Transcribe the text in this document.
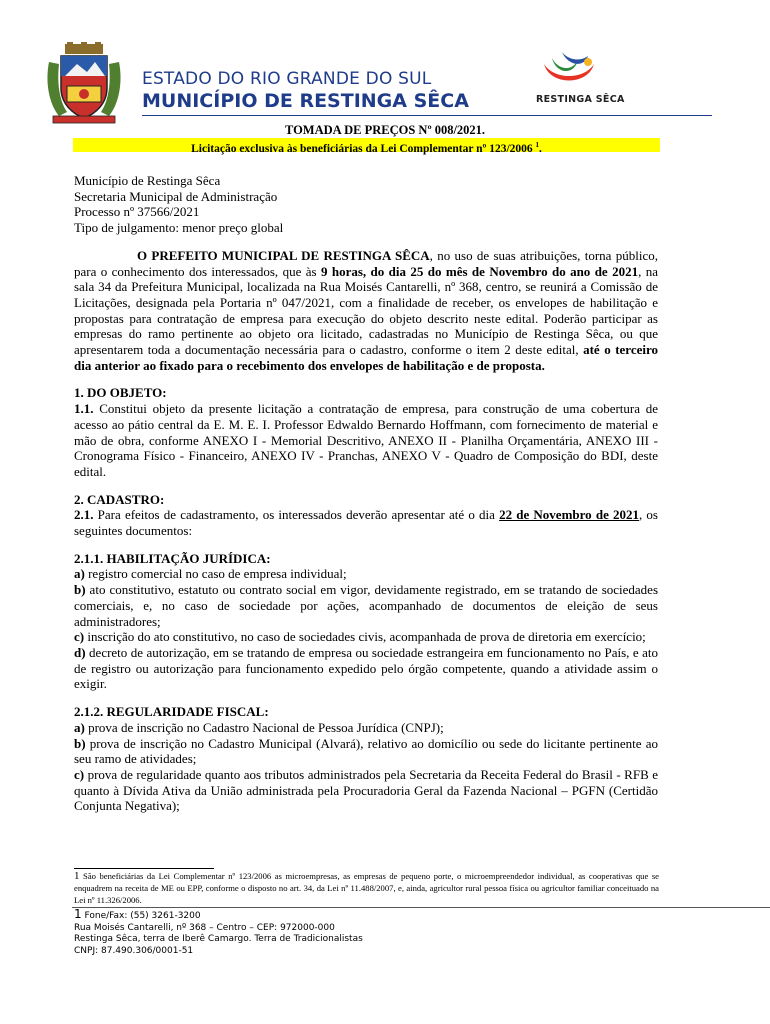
ESTADO DO RIO GRANDE DO SUL
MUNICÍPIO DE RESTINGA SÊCA	RESTINGA SÊCA
TOMADA DE PREÇOS Nº 008/2021.
Licitação exclusiva às beneficiárias da Lei Complementar nº 123/2006 $^1$.

Município de Restinga Sêca

Secretaria Municipal de Administração

Processo nº 37566/2021

Tipo de julgamento: menor preço global

O PREFEITO MUNICIPAL DE RESTINGA SÊCA, no uso de suas atribuições, torna público, para o conhecimento dos interessados, que às 9 horas, do dia 25 do mês de Novembro do ano de 2021, na sala 34 da Prefeitura Municipal, localizada na Rua Moisés Cantarelli, nº 368, centro, se reunirá a Comissão de Licitações, designada pela Portaria nº 047/2021, com a finalidade de receber, os envelopes de habilitação e propostas para contratação de empresa para execução do objeto descrito neste edital. Poderão participar as empresas do ramo pertinente ao objeto ora licitado, cadastradas no Município de Restinga Sêca, ou que apresentarem toda a documentação necessária para o cadastro, conforme o item 2 deste edital, até o terceiro dia anterior ao fixado para o recebimento dos envelopes de habilitação e de proposta.

1. DO OBJETO:

1.1. Constitui objeto da presente licitação a contratação de empresa, para construção de uma cobertura de acesso ao pátio central da E. M. E. I. Professor Edwaldo Bernardo Hoffmann, com fornecimento de material e mão de obra, conforme ANEXO I - Memorial Descritivo, ANEXO II - Planilha Orçamentária, ANEXO III - Cronograma Físico - Financeiro, ANEXO IV - Pranchas, ANEXO V - Quadro de Composição do BDI, deste edital.

2. CADASTRO:

2.1. Para efeitos de cadastramento, os interessados deverão apresentar até o dia 22 de Novembro de 2021, os seguintes documentos:

2.1.1. HABILITAÇÃO JURÍDICA:

a) registro comercial no caso de empresa individual;

b) ato constitutivo, estatuto ou contrato social em vigor, devidamente registrado, em se tratando de sociedades comerciais, e, no caso de sociedade por ações, acompanhado de documentos de eleição de seus administradores;

c) inscrição do ato constitutivo, no caso de sociedades civis, acompanhada de prova de diretoria em exercício;

d) decreto de autorização, em se tratando de empresa ou sociedade estrangeira em funcionamento no País, e ato de registro ou autorização para funcionamento expedido pelo órgão competente, quando a atividade assim o exigir.

2.1.2. REGULARIDADE FISCAL:

a) prova de inscrição no Cadastro Nacional de Pessoa Jurídica (CNPJ);

b) prova de inscrição no Cadastro Municipal (Alvará), relativo ao domicílio ou sede do licitante pertinente ao seu ramo de atividades;

c) prova de regularidade quanto aos tributos administrados pela Secretaria da Receita Federal do Brasil - RFB e quanto à Dívida Ativa da União administrada pela Procuradoria Geral da Fazenda Nacional – PGFN (Certidão Conjunta Negativa);

1 São beneficiárias da Lei Complementar nº 123/2006 as microempresas, as empresas de pequeno porte, o microempreendedor individual, as cooperativas que se enquadrem na receita de ME ou EPP, conforme o disposto no art. 34, da Lei nº 11.488/2007, e, ainda, agricultor rural pessoa física ou agricultor familiar conceituado na Lei nº 11.326/2006.
1 Fone/Fax: (55) 3261-3200
Rua Moisés Cantarelli, nº 368 – Centro – CEP: 972000-000
Restinga Sêca, terra de Iberê Camargo. Terra de Tradicionalistas
CNPJ: 87.490.306/0001-51
